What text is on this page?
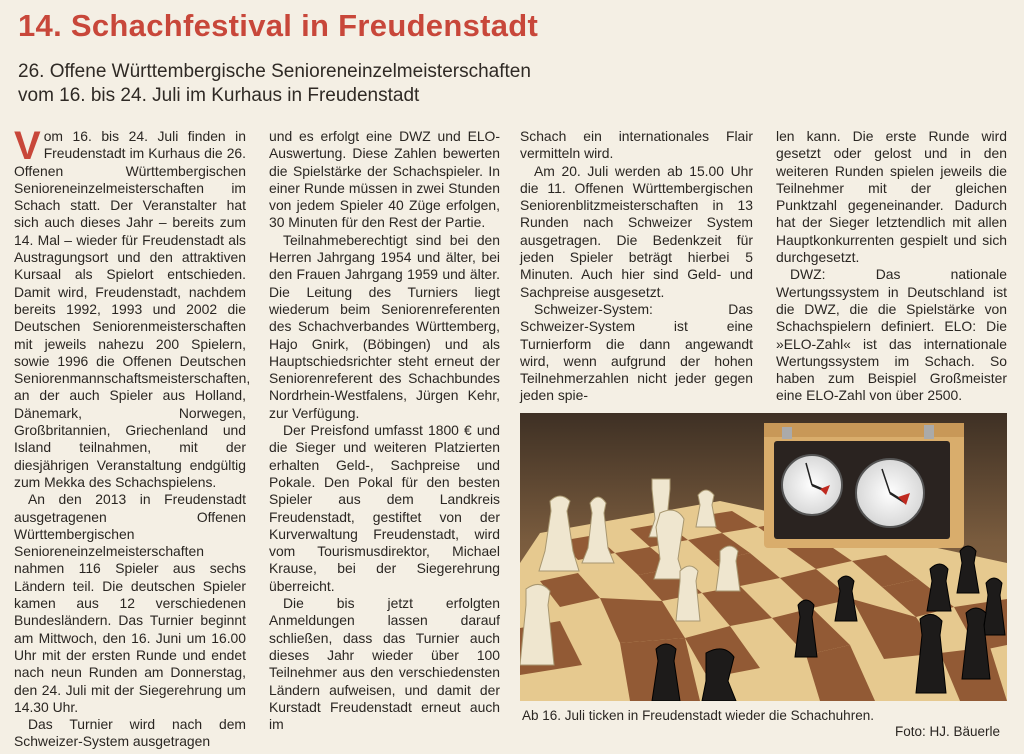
14. Schachfestival in Freudenstadt
26. Offene Württembergische Senioreneinzelmeisterschaften
vom 16. bis 24. Juli im Kurhaus in Freudenstadt

Vom 16. bis 24. Juli finden in Freudenstadt im Kurhaus die 26. Offenen Württembergischen Senioreneinzelmeisterschaften im Schach statt. Der Veranstalter hat sich auch dieses Jahr – bereits zum 14. Mal – wieder für Freudenstadt als Austragungsort und den attraktiven Kursaal als Spielort entschieden. Damit wird, Freudenstadt, nachdem bereits 1992, 1993 und 2002 die Deutschen Seniorenmeisterschaften mit jeweils nahezu 200 Spielern, sowie 1996 die Offenen Deutschen Seniorenmannschaftsmeisterschaften, an der auch Spieler aus Holland, Dänemark, Norwegen, Großbritannien, Griechenland und Island teilnahmen, mit der diesjährigen Veranstaltung endgültig zum Mekka des Schachspielens.

An den 2013 in Freudenstadt ausgetragenen Offenen Württembergischen Senioreneinzelmeisterschaften nahmen 116 Spieler aus sechs Ländern teil. Die deutschen Spieler kamen aus 12 verschiedenen Bundesländern. Das Turnier beginnt am Mittwoch, den 16. Juni um 16.00 Uhr mit der ersten Runde und endet nach neun Runden am Donnerstag, den 24. Juli mit der Siegerehrung um 14.30 Uhr.

Das Turnier wird nach dem Schweizer-System ausgetragen

und es erfolgt eine DWZ und ELO-Auswertung. Diese Zahlen bewerten die Spielstärke der Schachspieler. In einer Runde müssen in zwei Stunden von jedem Spieler 40 Züge erfolgen, 30 Minuten für den Rest der Partie.

Teilnahmeberechtigt sind bei den Herren Jahrgang 1954 und älter, bei den Frauen Jahrgang 1959 und älter. Die Leitung des Turniers liegt wiederum beim Seniorenreferenten des Schachverbandes Württemberg, Hajo Gnirk, (Böbingen) und als Hauptschiedsrichter steht erneut der Seniorenreferent des Schachbundes Nordrhein-Westfalens, Jürgen Kehr, zur Verfügung.

Der Preisfond umfasst 1800 € und die Sieger und weiteren Platzierten erhalten Geld-, Sachpreise und Pokale. Den Pokal für den besten Spieler aus dem Landkreis Freudenstadt, gestiftet von der Kurverwaltung Freudenstadt, wird vom Tourismusdirektor, Michael Krause, bei der Siegerehrung überreicht.

Die bis jetzt erfolgten Anmeldungen lassen darauf schließen, dass das Turnier auch dieses Jahr wieder über 100 Teilnehmer aus den verschiedensten Ländern aufweisen, und damit der Kurstadt Freudenstadt erneut auch im

Schach ein internationales Flair vermitteln wird.

Am 20. Juli werden ab 15.00 Uhr die 11. Offenen Württembergischen Seniorenblitzmeisterschaften in 13 Runden nach Schweizer System ausgetragen. Die Bedenkzeit für jeden Spieler beträgt hierbei 5 Minuten. Auch hier sind Geld- und Sachpreise ausgesetzt.

Schweizer-System: Das Schweizer-System ist eine Turnierform die dann angewandt wird, wenn aufgrund der hohen Teilnehmerzahlen nicht jeder gegen jeden spie-

len kann. Die erste Runde wird gesetzt oder gelost und in den weiteren Runden spielen jeweils die Teilnehmer mit der gleichen Punktzahl gegeneinander. Dadurch hat der Sieger letztendlich mit allen Hauptkonkurrenten gespielt und sich durchgesetzt.

DWZ: Das nationale Wertungssystem in Deutschland ist die DWZ, die die Spielstärke von Schachspielern definiert. ELO: Die »ELO-Zahl« ist das internationale Wertungssystem im Schach. So haben zum Beispiel Großmeister eine ELO-Zahl von über 2500.

Ab 16. Juli ticken in Freudenstadt wieder die Schachuhren.
Foto: HJ. Bäuerle
